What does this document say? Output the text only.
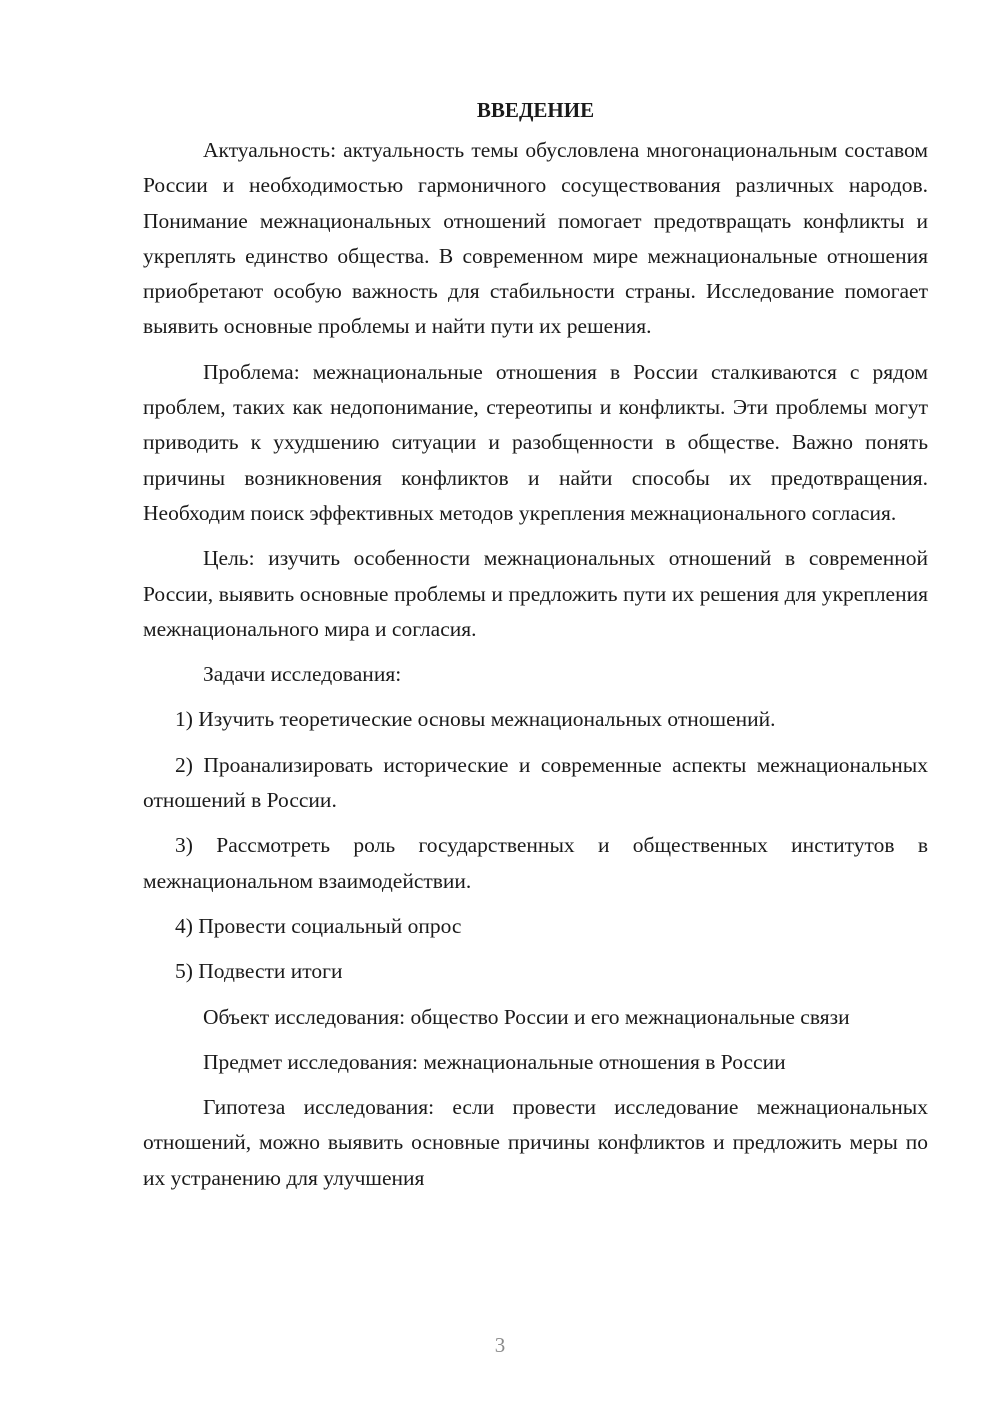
ВВЕДЕНИЕ

Актуальность: актуальность темы обусловлена многонациональным составом России и необходимостью гармоничного сосуществования различных народов. Понимание межнациональных отношений помогает предотвращать конфликты и укреплять единство общества. В современном мире межнациональные отношения приобретают особую важность для стабильности страны. Исследование помогает выявить основные проблемы и найти пути их решения.

Проблема: межнациональные отношения в России сталкиваются с рядом проблем, таких как недопонимание, стереотипы и конфликты. Эти проблемы могут приводить к ухудшению ситуации и разобщенности в обществе. Важно понять причины возникновения конфликтов и найти способы их предотвращения. Необходим поиск эффективных методов укрепления межнационального согласия.

Цель: изучить особенности межнациональных отношений в современной России, выявить основные проблемы и предложить пути их решения для укрепления межнационального мира и согласия.

Задачи исследования:

1) Изучить теоретические основы межнациональных отношений.

2) Проанализировать исторические и современные аспекты межнациональных отношений в России.

3) Рассмотреть роль государственных и общественных институтов в межнациональном взаимодействии.

4) Провести социальный опрос

5) Подвести итоги

Объект исследования: общество России и его межнациональные связи

Предмет исследования: межнациональные отношения в России

Гипотеза исследования: если провести исследование межнациональных отношений, можно выявить основные причины конфликтов и предложить меры по их устранению для улучшения

3
